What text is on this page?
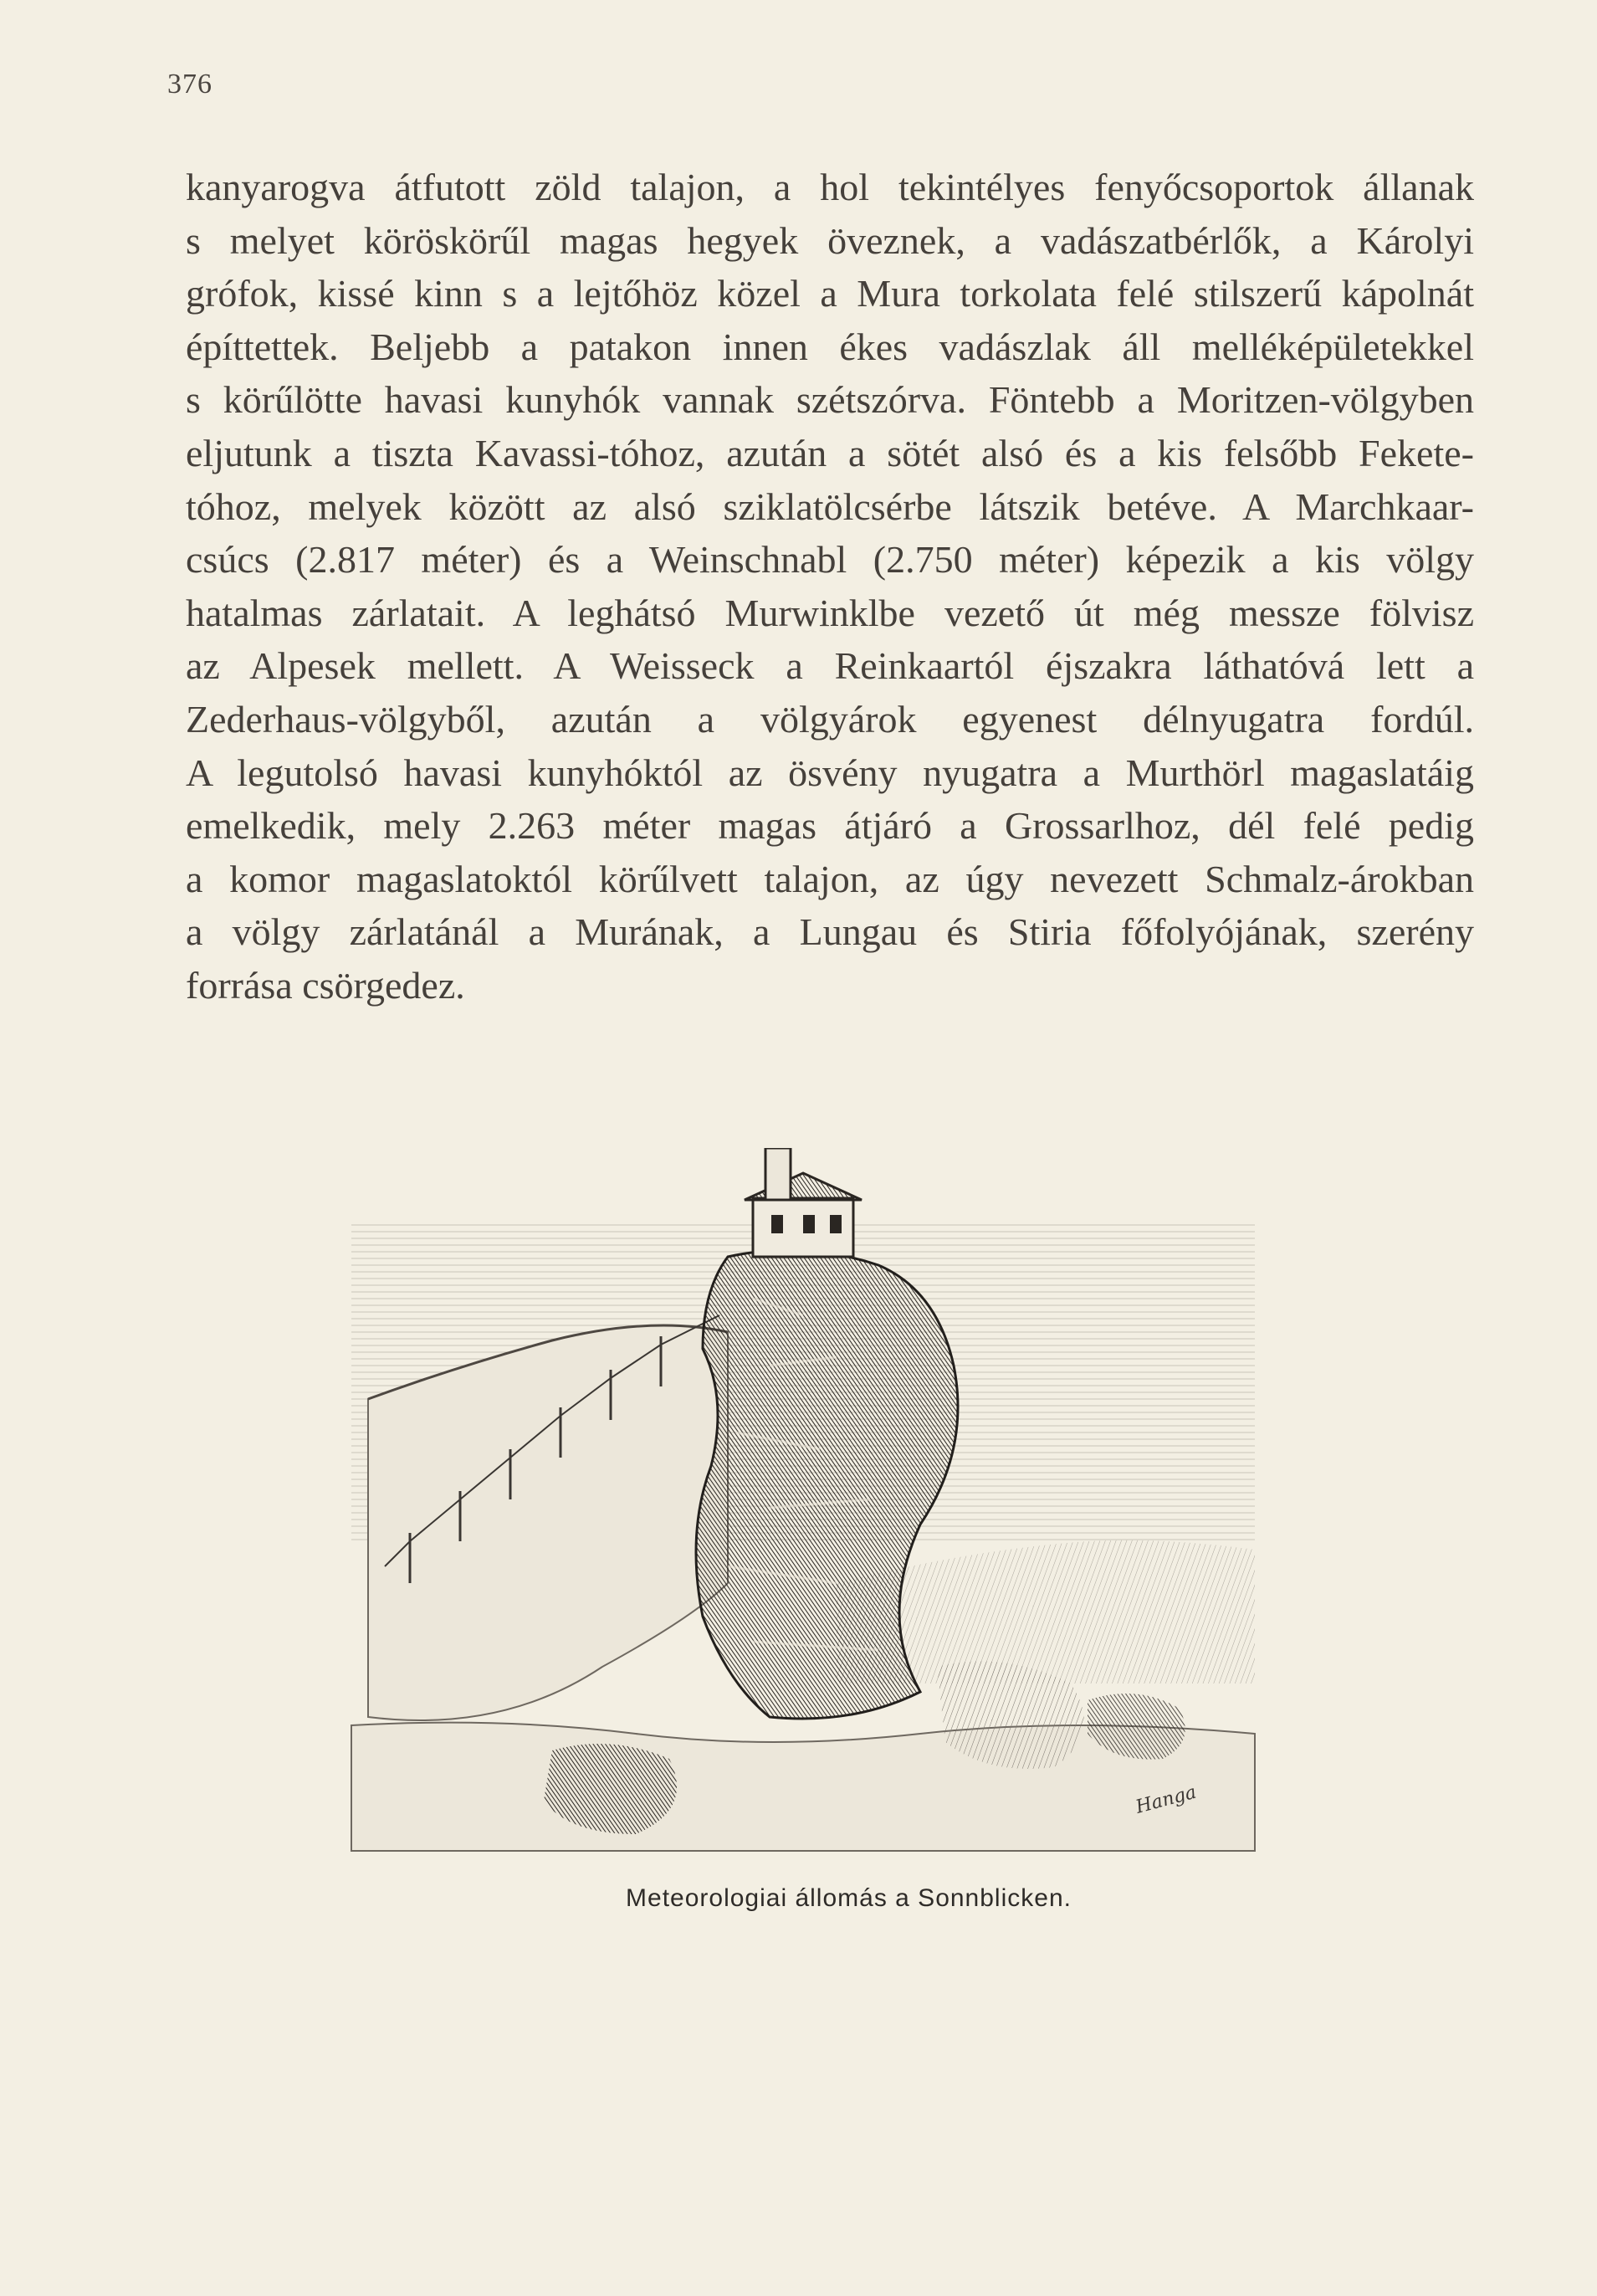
376
kanyarogva átfutott zöld talajon, a hol tekintélyes fenyőcsoportok állanak
s melyet köröskörűl magas hegyek öveznek, a vadászatbérlők, a Károlyi
grófok, kissé kinn s a lejtőhöz közel a Mura torkolata felé stilszerű kápolnát
építtettek. Beljebb a patakon innen ékes vadászlak áll melléképületekkel
s körűlötte havasi kunyhók vannak szétszórva. Föntebb a Moritzen-völgyben
eljutunk a tiszta Kavassi-tóhoz, azután a sötét alsó és a kis felsőbb Fekete-
tóhoz, melyek között az alsó sziklatölcsérbe látszik betéve. A Marchkaar-
csúcs (2.817 méter) és a Weinschnabl (2.750 méter) képezik a kis völgy
hatalmas zárlatait. A leghátsó Murwinklbe vezető út még messze fölvisz
az Alpesek mellett. A Weisseck a Reinkaartól éjszakra láthatóvá lett a
Zederhaus-völgyből, azután a völgyárok egyenest délnyugatra fordúl.
A legutolsó havasi kunyhóktól az ösvény nyugatra a Murthörl magaslatáig
emelkedik, mely 2.263 méter magas átjáró a Grossarlhoz, dél felé pedig
a komor magaslatoktól körűlvett talajon, az úgy nevezett Schmalz-árokban
a völgy zárlatánál a Murának, a Lungau és Stiria főfolyójának, szerény
forrása csörgedez.
Hanga
Meteorologiai állomás a Sonnblicken.
